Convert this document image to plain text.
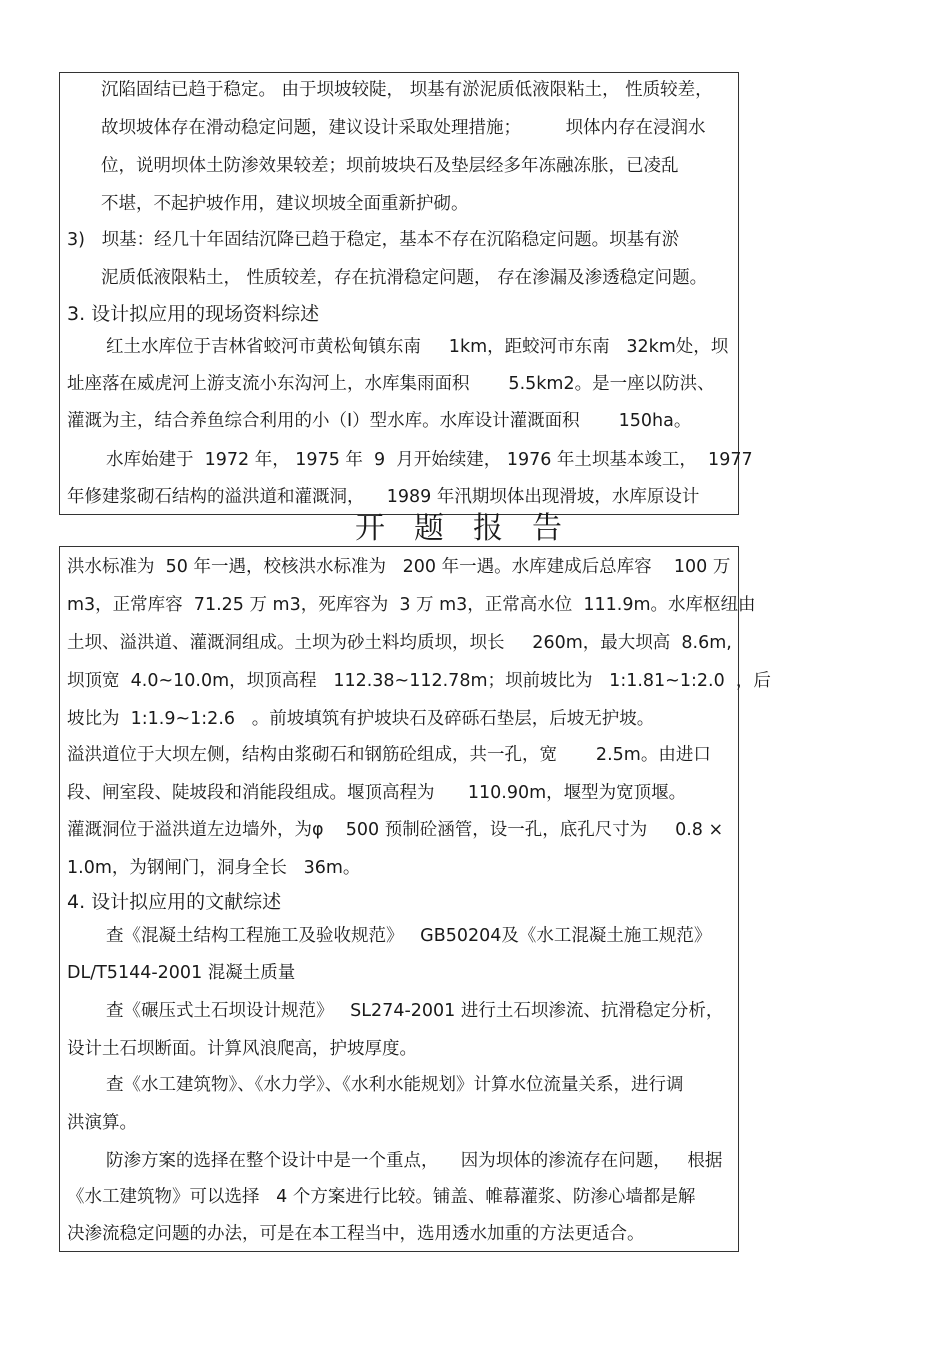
沉陷固结已趋于稳定。 由于坝坡较陡， 坝基有淤泥质低液限粘土， 性质较差，
故坝坡体存在滑动稳定问题，建议设计采取处理措施；        坝体内存在浸润水
位，说明坝体土防渗效果较差；坝前坡块石及垫层经多年冻融冻胀，已凌乱
不堪，不起护坡作用，建议坝坡全面重新护砌。
3)   坝基：经几十年固结沉降已趋于稳定，基本不存在沉陷稳定问题。坝基有淤
泥质低液限粘土， 性质较差，存在抗滑稳定问题， 存在渗漏及渗透稳定问题。
3. 设计拟应用的现场资料综述
红土水库位于吉林省蛟河市黄松甸镇东南     1km，距蛟河市东南   32km处，坝
址座落在威虎河上游支流小东沟河上，水库集雨面积       5.5km2。是一座以防洪、
灌溉为主，结合养鱼综合利用的小（Ⅰ）型水库。水库设计灌溉面积       150ha。
水库始建于  1972 年， 1975 年  9  月开始续建， 1976 年土坝基本竣工，  1977
年修建浆砌石结构的溢洪道和灌溉洞，    1989 年汛期坝体出现滑坡，水库原设计
开题报告
洪水标准为  50 年一遇，校核洪水标准为   200 年一遇。水库建成后总库容    100 万
m3，正常库容  71.25 万 m3，死库容为  3 万 m3，正常高水位  111.9m。水库枢纽由
土坝、溢洪道、灌溉洞组成。土坝为砂土料均质坝，坝长     260m，最大坝高  8.6m,
坝顶宽  4.0~10.0m，坝顶高程   112.38~112.78m；坝前坡比为   1:1.81~1:2.0  ，后
坡比为  1:1.9~1:2.6   。前坡填筑有护坡块石及碎砾石垫层，后坡无护坡。
溢洪道位于大坝左侧，结构由浆砌石和钢筋砼组成，共一孔，宽       2.5m。由进口
段、闸室段、陡坡段和消能段组成。堰顶高程为      110.90m，堰型为宽顶堰。
灌溉洞位于溢洪道左边墙外，为φ    500 预制砼涵管，设一孔，底孔尺寸为     0.8 ×
1.0m，为钢闸门，洞身全长   36m。
4. 设计拟应用的文献综述
查《混凝土结构工程施工及验收规范》   GB50204及《水工混凝土施工规范》
DL/T5144-2001 混凝土质量
查《碾压式土石坝设计规范》   SL274-2001 进行土石坝渗流、抗滑稳定分析，
设计土石坝断面。计算风浪爬高，护坡厚度。
查《水工建筑物》、《水力学》、《水利水能规划》计算水位流量关系，进行调
洪演算。
防渗方案的选择在整个设计中是一个重点，    因为坝体的渗流存在问题，   根据
《水工建筑物》可以选择   4 个方案进行比较。铺盖、帷幕灌浆、防渗心墙都是解
决渗流稳定问题的办法，可是在本工程当中，选用透水加重的方法更适合。
